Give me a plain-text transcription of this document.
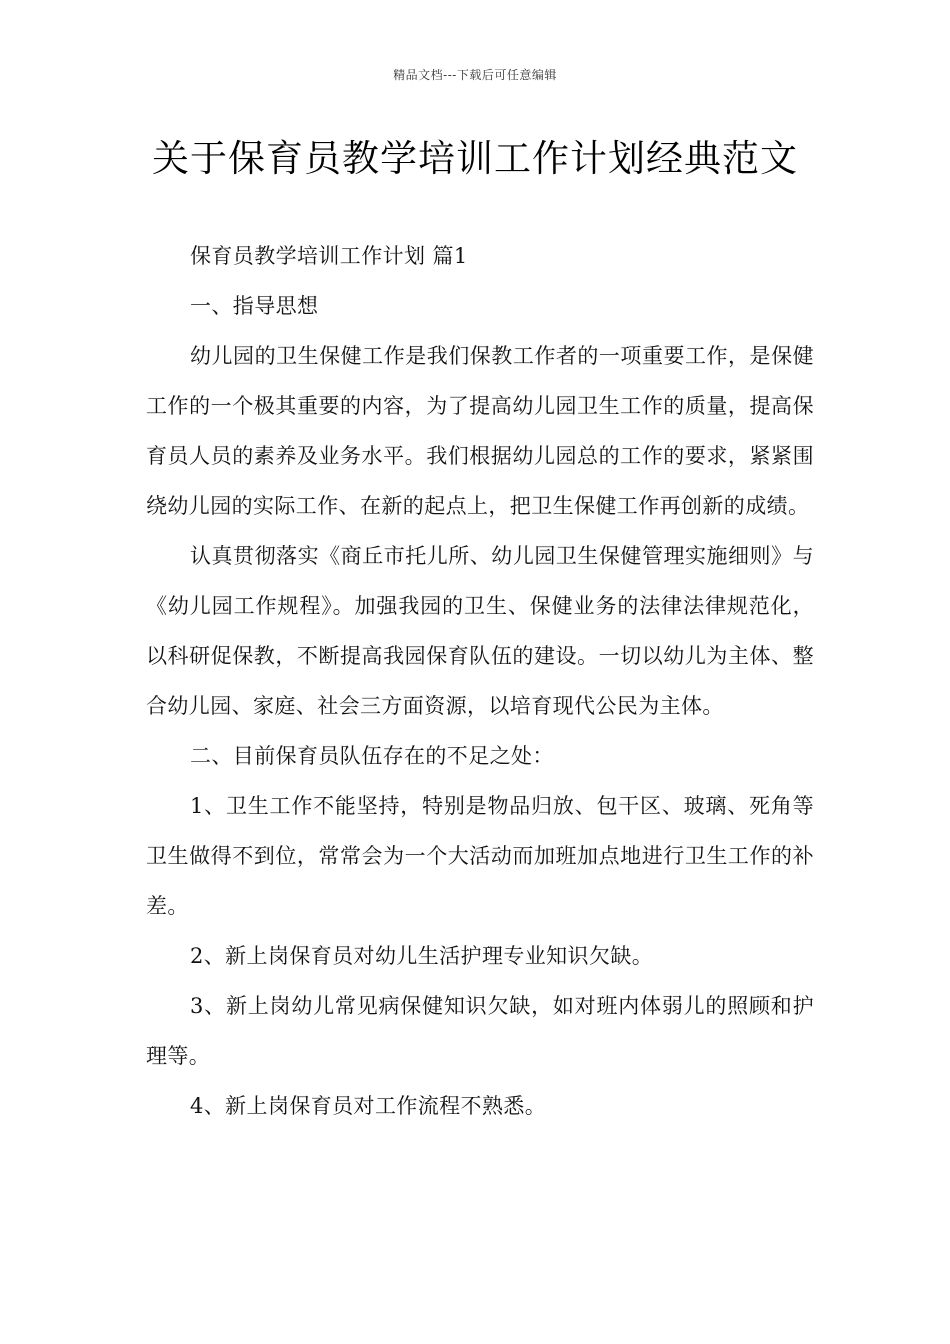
精品文档---下载后可任意编辑
关于保育员教学培训工作计划经典范文

保育员教学培训工作计划 篇1

一、指导思想

幼儿园的卫生保健工作是我们保教工作者的一项重要工作，是保健工作的一个极其重要的内容，为了提高幼儿园卫生工作的质量，提高保育员人员的素养及业务水平。我们根据幼儿园总的工作的要求，紧紧围绕幼儿园的实际工作、在新的起点上，把卫生保健工作再创新的成绩。

认真贯彻落实《商丘市托儿所、幼儿园卫生保健管理实施细则》与《幼儿园工作规程》。加强我园的卫生、保健业务的法律法律规范化，以科研促保教，不断提高我园保育队伍的建设。一切以幼儿为主体、整合幼儿园、家庭、社会三方面资源，以培育现代公民为主体。

二、目前保育员队伍存在的不足之处：

1、卫生工作不能坚持，特别是物品归放、包干区、玻璃、死角等卫生做得不到位，常常会为一个大活动而加班加点地进行卫生工作的补差。

2、新上岗保育员对幼儿生活护理专业知识欠缺。

3、新上岗幼儿常见病保健知识欠缺，如对班内体弱儿的照顾和护理等。

4、新上岗保育员对工作流程不熟悉。
